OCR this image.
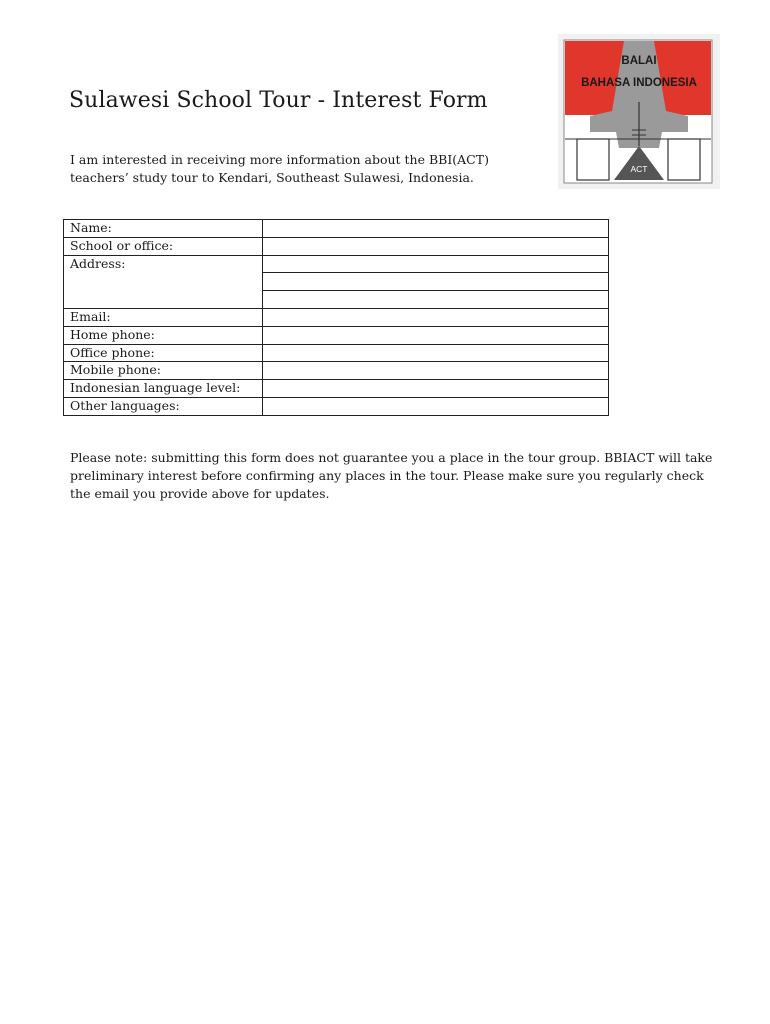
Sulawesi School Tour - Interest Form
I am interested in receiving more information about the BBI(ACT) teachers’ study tour to Kendari, Southeast Sulawesi, Indonesia.
BALAI
BAHASA INDONESIA
ACT
Name:	
School or office:	
Address:	

Email:	
Home phone:	
Office phone:	
Mobile phone:	
Indonesian language level:	
Other languages:	
Please note: submitting this form does not guarantee you a place in the tour group. BBIACT will take preliminary interest before confirming any places in the tour. Please make sure you regularly check the email you provide above for updates.
